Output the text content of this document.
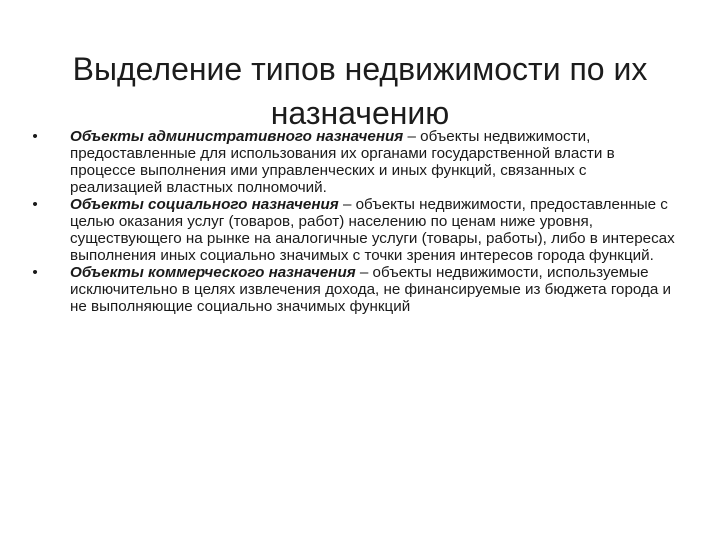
Выделение типов недвижимости по их назначению
• Объекты административного назначения – объекты недвижимости, предоставленные для использования их органами государственной власти в процессе выполнения ими управленческих и иных функций, связанных с реализацией властных полномочий.
• Объекты социального назначения – объекты недвижимости, предоставленные с целью оказания услуг (товаров, работ) населению по ценам ниже уровня, существующего на рынке на аналогичные услуги (товары, работы), либо в интересах выполнения иных социально значимых с точки зрения интересов города функций.
• Объекты коммерческого назначения – объекты недвижимости, используемые исключительно в целях извлечения дохода, не финансируемые из бюджета города и не выполняющие социально значимых функций
